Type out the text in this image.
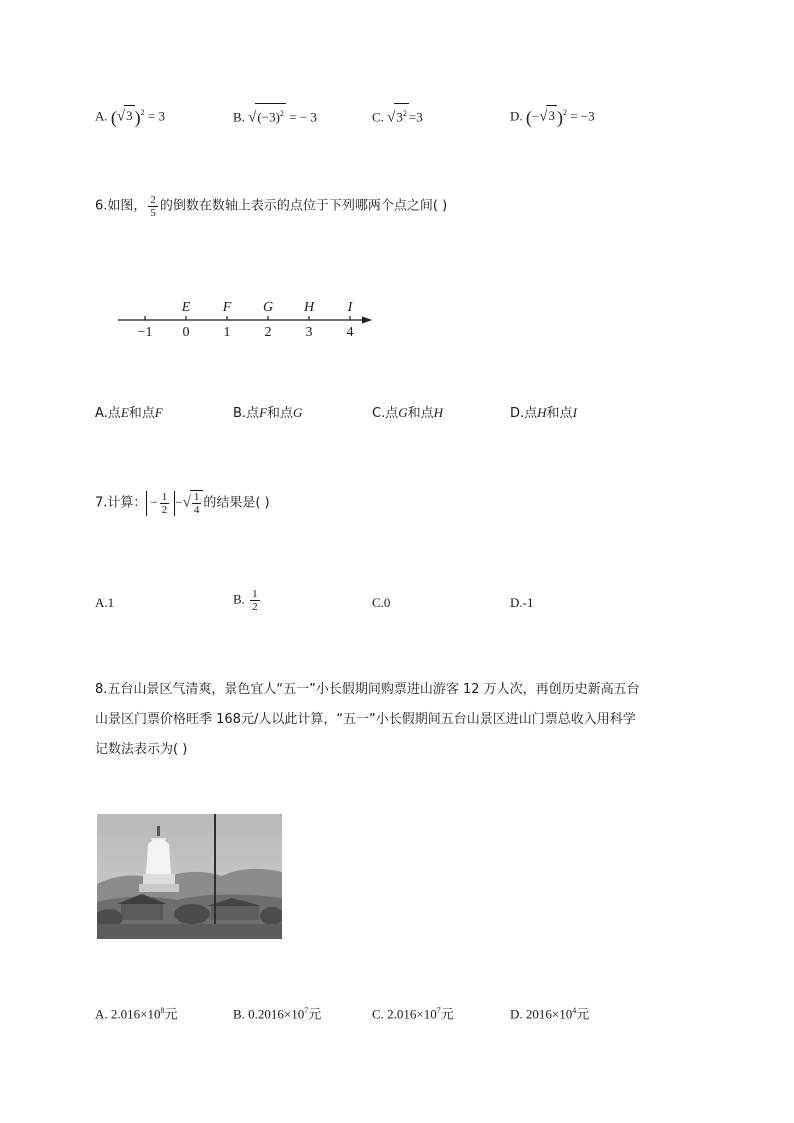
A. (√3 )$^2$ = 3	B. $√(-3)^2$ = − 3	C. $√3^2 =3$	D. (−√3 )$^2$ = −3
6.如图， $\frac{2}{5}$ 的倒数在数轴上表示的点位于下列哪两个点之间( )
E F G H I
−1 0 1 2 3 4
A.点E和点F	B.点F和点G	C.点G和点H	D.点H和点I
7.计算： − $\frac{1}{2}$ −√ $\frac{1}{4}$ 的结果是( )
A.1	B. $\frac{1}{2}$	C.0	D.-1
8.五台山景区气清爽，景色宜人“五一”小长假期间购票进山游客 12 万人次，再创历史新高五台
山景区门票价格旺季 168元/人以此计算，“五一”小长假期间五台山景区进山门票总收入用科学
记数法表示为( )
A. $2.016\times 10^8$元	B. $0.2016\times 10^7$元	C. $2.016\times 10^7$元	D. $2016\times 10^4$元
